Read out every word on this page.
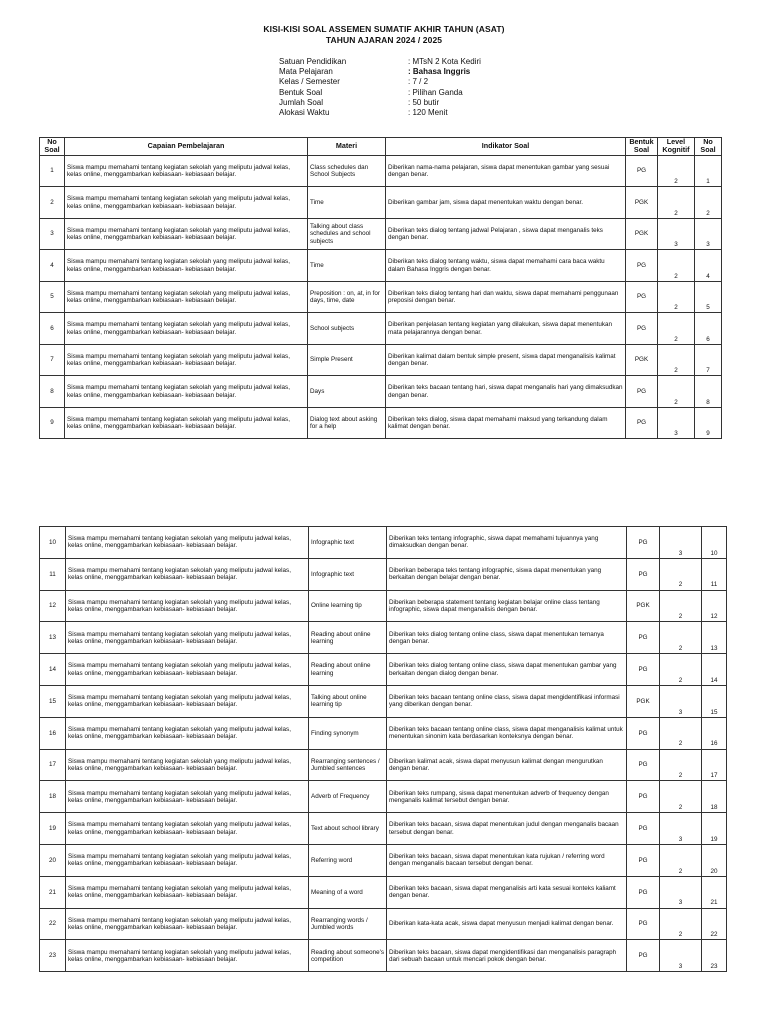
KISI-KISI SOAL ASSEMEN SUMATIF AKHIR TAHUN (ASAT)
TAHUN AJARAN 2024 / 2025
Satuan Pendidikan	: MTsN 2 Kota Kediri
Mata Pelajaran	: Bahasa Inggris
Kelas / Semester	: 7 / 2
Bentuk Soal	: Pilihan Ganda
Jumlah Soal	: 50 butir
Alokasi Waktu	: 120 Menit
No Soal	Capaian Pembelajaran	Materi	Indikator Soal	Bentuk Soal	Level Kognitif	No Soal
1	Siswa mampu memahami tentang kegiatan sekolah yang meliputu jadwal kelas, kelas online, menggambarkan kebiasaan- kebiasaan belajar.	Class schedules dan School Subjects	Diberikan nama-nama pelajaran, siswa dapat menentukan gambar yang sesuai dengan benar.	PG	2	1
2	Siswa mampu memahami tentang kegiatan sekolah yang meliputu jadwal kelas, kelas online, menggambarkan kebiasaan- kebiasaan belajar.	Time	Diberikan gambar jam, siswa dapat menentukan waktu dengan benar.	PGK	2	2
3	Siswa mampu memahami tentang kegiatan sekolah yang meliputu jadwal kelas, kelas online, menggambarkan kebiasaan- kebiasaan belajar.	Talking about class schedules and school subjects	Diberikan teks dialog tentang jadwal Pelajaran , siswa dapat menganalis teks dengan benar.	PGK	3	3
4	Siswa mampu memahami tentang kegiatan sekolah yang meliputu jadwal kelas, kelas online, menggambarkan kebiasaan- kebiasaan belajar.	Time	Diberikan teks dialog tentang waktu, siswa dapat memahami cara baca waktu dalam Bahasa Inggris dengan benar.	PG	2	4
5	Siswa mampu memahami tentang kegiatan sekolah yang meliputu jadwal kelas, kelas online, menggambarkan kebiasaan- kebiasaan belajar.	Preposition : on, at, in for days, time, date	Diberikan teks dialog tentang hari dan waktu, siswa dapat memahami penggunaan preposisi dengan benar.	PG	2	5
6	Siswa mampu memahami tentang kegiatan sekolah yang meliputu jadwal kelas, kelas online, menggambarkan kebiasaan- kebiasaan belajar.	School subjects	Diberikan penjelasan tentang kegiatan yang dilakukan, siswa dapat menentukan mata pelajarannya dengan benar.	PG	2	6
7	Siswa mampu memahami tentang kegiatan sekolah yang meliputu jadwal kelas, kelas online, menggambarkan kebiasaan- kebiasaan belajar.	Simple Present	Diberikan kalimat dalam bentuk simple present, siswa dapat menganalisis kalimat dengan benar.	PGK	2	7
8	Siswa mampu memahami tentang kegiatan sekolah yang meliputu jadwal kelas, kelas online, menggambarkan kebiasaan- kebiasaan belajar.	Days	Diberikan teks bacaan tentang hari, siswa dapat menganalis hari yang dimaksudkan dengan benar.	PG	2	8
9	Siswa mampu memahami tentang kegiatan sekolah yang meliputu jadwal kelas, kelas online, menggambarkan kebiasaan- kebiasaan belajar.	Dialog text about asking for a help	Diberikan teks dialog, siswa dapat memahami maksud yang terkandung dalam kalimat dengan benar.	PG	3	9
10	Siswa mampu memahami tentang kegiatan sekolah yang meliputu jadwal kelas, kelas online, menggambarkan kebiasaan- kebiasaan belajar.	Infographic text	Diberikan teks tentang infographic, siswa dapat memahami tujuannya yang dimaksudkan dengan benar.	PG	3	10
11	Siswa mampu memahami tentang kegiatan sekolah yang meliputu jadwal kelas, kelas online, menggambarkan kebiasaan- kebiasaan belajar.	Infographic text	Diberikan beberapa teks tentang infographic, siswa dapat menentukan yang berkaitan dengan belajar dengan benar.	PG	2	11
12	Siswa mampu memahami tentang kegiatan sekolah yang meliputu jadwal kelas, kelas online, menggambarkan kebiasaan- kebiasaan belajar.	Online learning tip	Diberikan beberapa statement tentang kegiatan belajar online class tentang infographic, siswa dapat menganalisis dengan benar.	PGK	2	12
13	Siswa mampu memahami tentang kegiatan sekolah yang meliputu jadwal kelas, kelas online, menggambarkan kebiasaan- kebiasaan belajar.	Reading about online learning	Diberikan teks dialog tentang online class, siswa dapat menentukan temanya dengan benar.	PG	2	13
14	Siswa mampu memahami tentang kegiatan sekolah yang meliputu jadwal kelas, kelas online, menggambarkan kebiasaan- kebiasaan belajar.	Reading about online learning	Diberikan teks dialog tentang online class, siswa dapat menentukan gambar yang berkaitan dengan dialog dengan benar.	PG	2	14
15	Siswa mampu memahami tentang kegiatan sekolah yang meliputu jadwal kelas, kelas online, menggambarkan kebiasaan- kebiasaan belajar.	Talking about online learning tip	Diberikan teks bacaan tentang online class, siswa dapat mengidentifikasi informasi yang diberikan dengan benar.	PGK	3	15
16	Siswa mampu memahami tentang kegiatan sekolah yang meliputu jadwal kelas, kelas online, menggambarkan kebiasaan- kebiasaan belajar.	Finding synonym	Diberikan teks bacaan tentang online class, siswa dapat menganalisis kalimat untuk menentukan sinonim kata berdasarkan konteksnya dengan benar.	PG	2	16
17	Siswa mampu memahami tentang kegiatan sekolah yang meliputu jadwal kelas, kelas online, menggambarkan kebiasaan- kebiasaan belajar.	Rearranging sentences / Jumbled sentences	Diberikan kalimat acak, siswa dapat menyusun kalimat dengan mengurutkan dengan benar.	PG	2	17
18	Siswa mampu memahami tentang kegiatan sekolah yang meliputu jadwal kelas, kelas online, menggambarkan kebiasaan- kebiasaan belajar.	Adverb of Frequency	Diberikan teks rumpang, siswa dapat menentukan adverb of frequency dengan menganalis kalimat tersebut dengan benar.	PG	2	18
19	Siswa mampu memahami tentang kegiatan sekolah yang meliputu jadwal kelas, kelas online, menggambarkan kebiasaan- kebiasaan belajar.	Text about school library	Diberikan teks bacaan, siswa dapat menentukan judul dengan menganalis bacaan tersebut dengan benar.	PG	3	19
20	Siswa mampu memahami tentang kegiatan sekolah yang meliputu jadwal kelas, kelas online, menggambarkan kebiasaan- kebiasaan belajar.	Referring word	Diberikan teks bacaan, siswa dapat menentukan kata rujukan / referring word dengan menganalis bacaan tersebut dengan benar.	PG	2	20
21	Siswa mampu memahami tentang kegiatan sekolah yang meliputu jadwal kelas, kelas online, menggambarkan kebiasaan- kebiasaan belajar.	Meaning of a word	Diberikan teks bacaan, siswa dapat menganalisis arti kata sesuai konteks kaliamt dengan benar.	PG	3	21
22	Siswa mampu memahami tentang kegiatan sekolah yang meliputu jadwal kelas, kelas online, menggambarkan kebiasaan- kebiasaan belajar.	Rearranging words / Jumbled words	Diberikan kata-kata acak, siswa dapat menyusun menjadi kalimat dengan benar.	PG	2	22
23	Siswa mampu memahami tentang kegiatan sekolah yang meliputu jadwal kelas, kelas online, menggambarkan kebiasaan- kebiasaan belajar.	Reading about someone's competition	Diberikan teks bacaan, siswa dapat mengidentifikasi dan menganalisis paragraph dari sebuah bacaan untuk mencari pokok dengan benar.	PG	3	23
